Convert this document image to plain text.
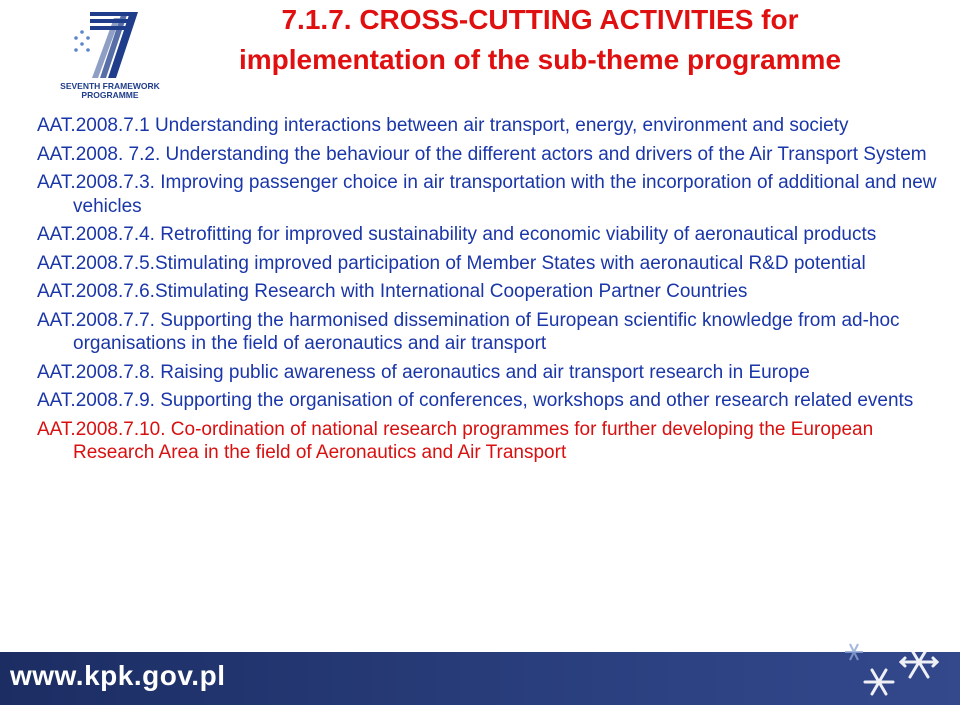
SEVENTH FRAMEWORK
PROGRAMME
7.1.7. CROSS-CUTTING ACTIVITIES for implementation of the sub-theme programme
AAT.2008.7.1 Understanding interactions between air transport, energy, environment and society
AAT.2008. 7.2. Understanding the behaviour of the different actors and drivers of the Air Transport System
AAT.2008.7.3. Improving passenger choice in air transportation with the incorporation of additional and new vehicles
AAT.2008.7.4. Retrofitting for improved sustainability and economic viability of aeronautical products
AAT.2008.7.5.Stimulating improved participation of Member States with aeronautical R&D potential
AAT.2008.7.6.Stimulating Research with International Cooperation Partner Countries
AAT.2008.7.7. Supporting the harmonised dissemination of European scientific knowledge from ad-hoc organisations in the field of aeronautics and air transport
AAT.2008.7.8. Raising public awareness of aeronautics and air transport research in Europe
AAT.2008.7.9. Supporting the organisation of conferences, workshops and other research related events
AAT.2008.7.10. Co-ordination of national research programmes for further developing the European Research Area in the field of Aeronautics and Air Transport
www.kpk.gov.pl
